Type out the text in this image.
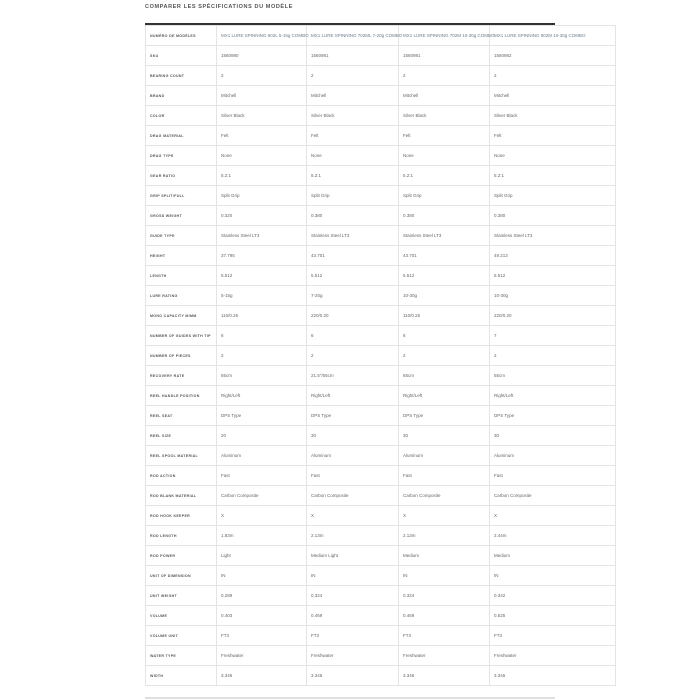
COMPARER LES SPÉCIFICATIONS DU MODÈLE
NUMÉRO DE MODÈLES	MX1 LURE SPINNING 602L 5-15g COMBO	MX1 LURE SPINNING 702ML 7-20g COMBO	MX1 LURE SPINNING 702M 10-30g COMBO	MX1 LURE SPINNING 802M 10-30g COMBO
SKU	1560980	1560981	1560981	1560982
BEARING COUNT	2	2	2	2
BRAND	Mitchell	Mitchell	Mitchell	Mitchell
COLOR	Silver Black	Silver Black	Silver Black	Silver Black
DRAG MATERIAL	Felt	Felt	Felt	Felt
DRAG TYPE	None	None	None	None
GEAR RATIO	5.2:1	5.2:1	5.2:1	5.2:1
GRIP SPLIT/FULL	Split Grip	Split Grip	Split Grip	Split Grip
GROSS WEIGHT	0.320	0.380	0.380	0.380
GUIDE TYPE	Stainless Steel LT3	Stainless Steel LT3	Stainless Steel LT3	Stainless Steel LT3
HEIGHT	37.795	43.701	43.701	49.213
LENGTH	5.512	5.512	5.512	5.512
LURE RATING	5-15g	7-20g	10-30g	10-30g
MONO CAPACITY M/MM	110/0.25	220/0.20	110/0.25	220/0.20
NUMBER OF GUIDES WITH TIP	6	6	6	7
NUMBER OF PIECES	2	2	2	2
RECOVERY RATE	65cm	21.5"/55cm	65cm	55cm
REEL HANDLE POSITION	Right/Left	Right/Left	Right/Left	Right/Left
REEL SEAT	DPS Type	DPS Type	DPS Type	DPS Type
REEL SIZE	20	30	30	30
REEL SPOOL MATERIAL	Aluminum	Aluminum	Aluminum	Aluminum
ROD ACTION	Fast	Fast	Fast	Fast
ROD BLANK MATERIAL	Carbon Composite	Carbon Composite	Carbon Composite	Carbon Composite
ROD HOOK KEEPER	X	X	X	X
ROD LENGTH	1.83m	2.13m	2.13m	2.44m
ROD POWER	Light	Medium Light	Medium	Medium
UNIT OF DIMENSION	IN	IN	IN	IN
UNIT WEIGHT	0.289	0.324	0.324	0.342
VOLUME	0.403	0.469	0.469	0.525
VOLUME UNIT	FT3	FT3	FT3	FT3
WATER TYPE	Freshwater	Freshwater	Freshwater	Freshwater
WIDTH	3.346	3.346	3.346	3.346
